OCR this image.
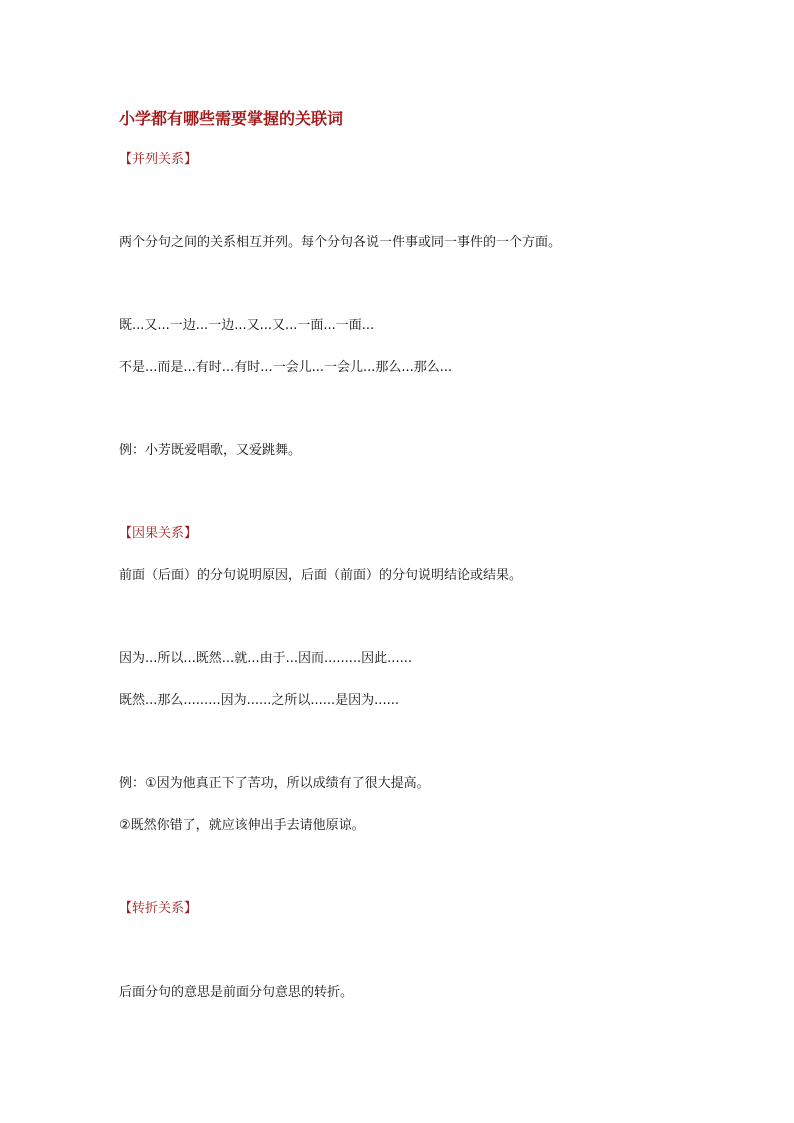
小学都有哪些需要掌握的关联词
【并列关系】
两个分句之间的关系相互并列。每个分句各说一件事或同一事件的一个方面。
既...又...一边...一边...又...又...一面...一面...
不是...而是...有时...有时...一会儿...一会儿...那么...那么...
例：小芳既爱唱歌，又爱跳舞。
【因果关系】
前面（后面）的分句说明原因，后面（前面）的分句说明结论或结果。
因为...所以...既然...就...由于...因而.........因此......
既然...那么.........因为......之所以......是因为......
例：①因为他真正下了苦功，所以成绩有了很大提高。
②既然你错了，就应该伸出手去请他原谅。
【转折关系】
后面分句的意思是前面分句意思的转折。
